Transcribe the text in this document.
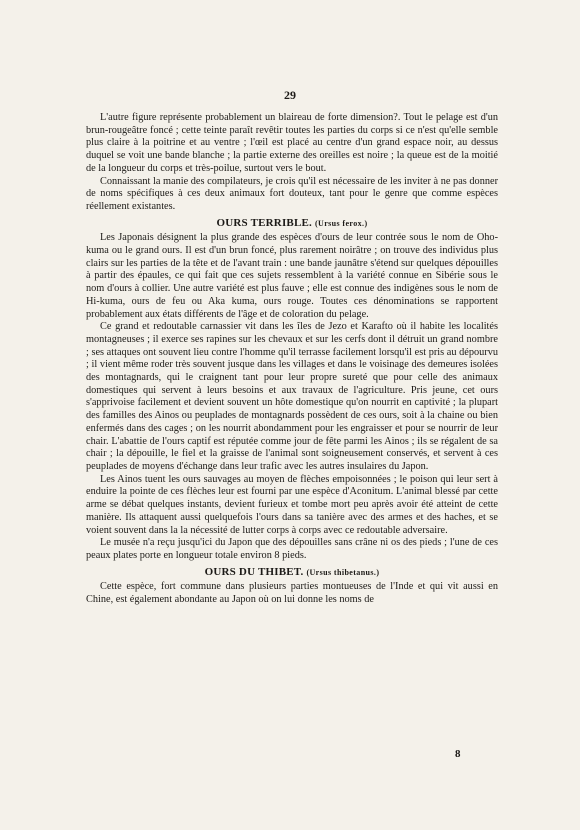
29

L'autre figure représente probablement un blaireau de forte dimension?. Tout le pelage est d'un brun-rougeâtre foncé ; cette teinte paraît revêtir toutes les parties du corps si ce n'est qu'elle semble plus claire à la poitrine et au ventre ; l'œil est placé au centre d'un grand espace noir, au dessus duquel se voit une bande blanche ; la partie externe des oreilles est noire ; la queue est de la moitié de la longueur du corps et très-poilue, surtout vers le bout.

Connaissant la manie des compilateurs, je crois qu'il est nécessaire de les inviter à ne pas donner de noms spécifiques à ces deux animaux fort douteux, tant pour le genre que comme espèces réellement existantes.

OURS TERRIBLE. (Ursus ferox.)

Les Japonais désignent la plus grande des espèces d'ours de leur contrée sous le nom de Oho-kuma ou le grand ours. Il est d'un brun foncé, plus rarement noirâtre ; on trouve des individus plus clairs sur les parties de la tête et de l'avant train : une bande jaunâtre s'étend sur quelques dépouilles à partir des épaules, ce qui fait que ces sujets ressemblent à la variété connue en Sibérie sous le nom d'ours à collier. Une autre variété est plus fauve ; elle est connue des indigènes sous le nom de Hi-kuma, ours de feu ou Aka kuma, ours rouge. Toutes ces dénominations se rapportent probablement aux états différents de l'âge et de coloration du pelage.

Ce grand et redoutable carnassier vit dans les îles de Jezo et Karafto où il habite les localités montagneuses ; il exerce ses rapines sur les chevaux et sur les cerfs dont il détruit un grand nombre ; ses attaques ont souvent lieu contre l'homme qu'il terrasse facilement lorsqu'il est pris au dépourvu ; il vient même roder très souvent jusque dans les villages et dans le voisinage des demeures isolées des montagnards, qui le craignent tant pour leur propre sureté que pour celle des animaux domestiques qui servent à leurs besoins et aux travaux de l'agriculture. Pris jeune, cet ours s'apprivoise facilement et devient souvent un hôte domestique qu'on nourrit en captivité ; la plupart des familles des Ainos ou peuplades de montagnards possèdent de ces ours, soit à la chaine ou bien enfermés dans des cages ; on les nourrit abondamment pour les engraisser et pour se nourrir de leur chair. L'abattie de l'ours captif est réputée comme jour de fête parmi les Ainos ; ils se régalent de sa chair ; la dépouille, le fiel et la graisse de l'animal sont soigneusement conservés, et servent à ces peuplades de moyens d'échange dans leur trafic avec les autres insulaires du Japon.

Les Ainos tuent les ours sauvages au moyen de flèches empoisonnées ; le poison qui leur sert à enduire la pointe de ces flèches leur est fourni par une espèce d'Aconitum. L'animal blessé par cette arme se débat quelques instants, devient furieux et tombe mort peu après avoir été atteint de cette manière. Ils attaquent aussi quelquefois l'ours dans sa tanière avec des armes et des haches, et se voient souvent dans la la nécessité de lutter corps à corps avec ce redoutable adversaire.

Le musée n'a reçu jusqu'ici du Japon que des dépouilles sans crâne ni os des pieds ; l'une de ces peaux plates porte en longueur totale environ 8 pieds.

OURS DU THIBET. (Ursus thibetanus.)

Cette espèce, fort commune dans plusieurs parties montueuses de l'Inde et qui vit aussi en Chine, est également abondante au Japon où on lui donne les noms de

8
